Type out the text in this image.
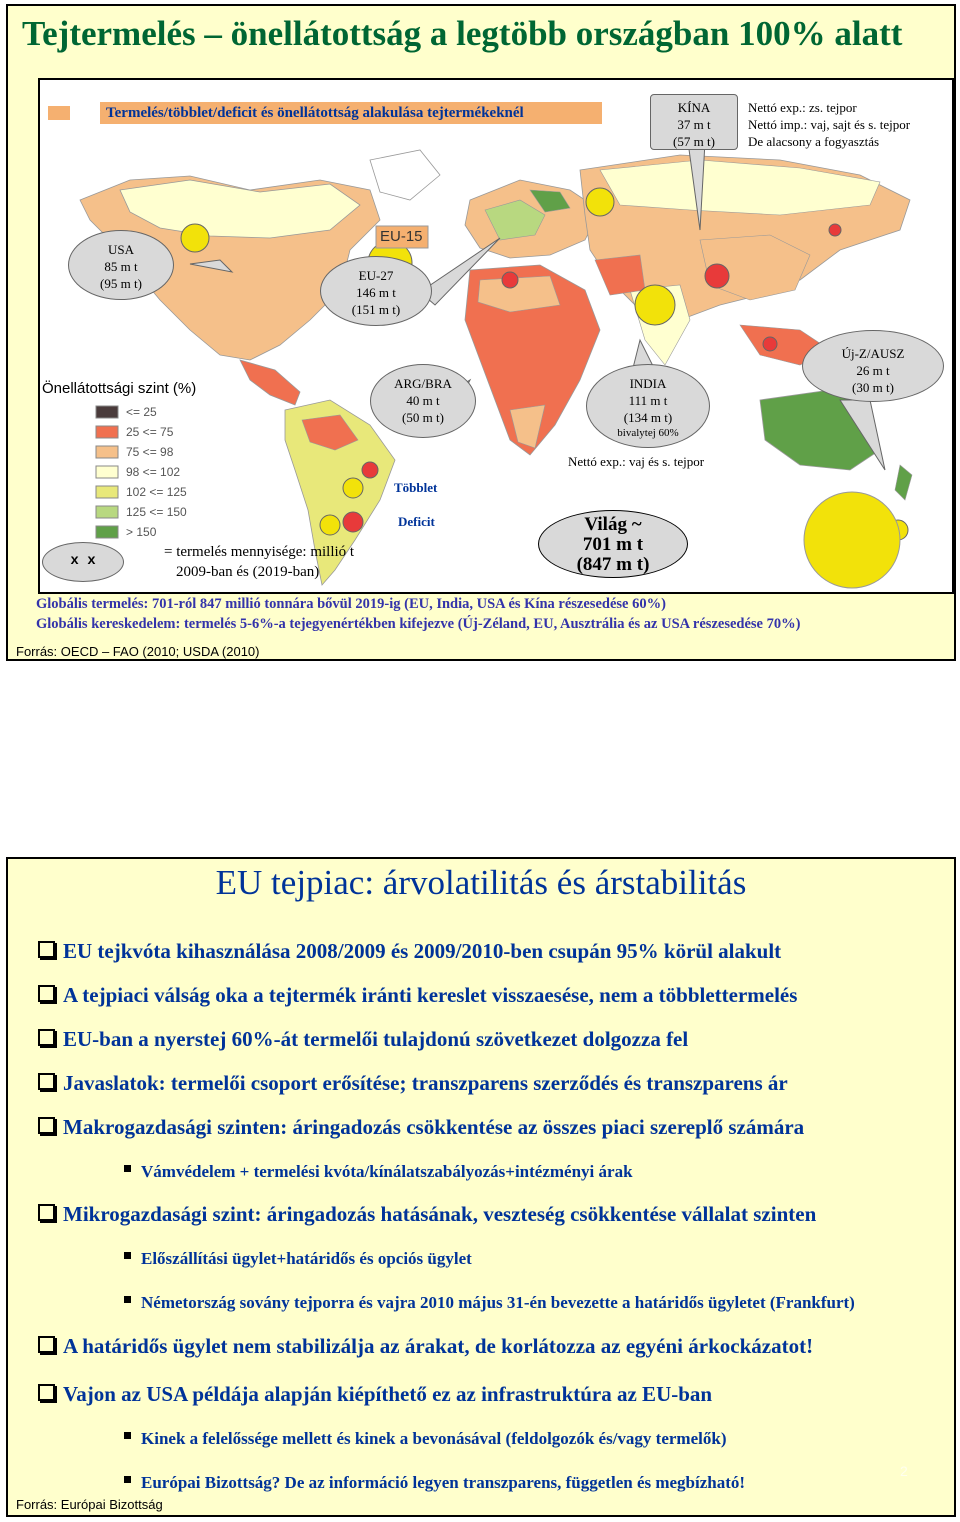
Tejtermelés – önellátottság a legtöbb országban 100% alatt
Termelés/többlet/deficit és önellátottság alakulása tejtermékeknél	KÍNA
37 m t
(57 m t)
Nettó exp.: zs. tejpor
Nettó imp.: vaj, sajt és s. tejpor
De alacsony a fogyasztás
EU-15
USA
85 m t
(95 m t)
EU-27
146 m t
(151 m t)
ARG/BRA
40 m t
(50 m t)
INDIA
111 m t
(134 m t)
bivalytej 60%
Nettó exp.: vaj és s. tejpor
Új-Z/AUSZ
26 m t
(30 m t)
Önellátottsági szint (%)
<= 25
25 <= 75
75 <= 98
98 <= 102
102 <= 125
125 <= 150
> 150
Többlet
Deficit
x x
= termelés mennyisége: millió t
2009-ban és (2019-ban)
Világ ~
701 m t
(847 m t)
Globális termelés: 701-ról 847 millió tonnára bővül 2019-ig (EU, India, USA és Kína részesedése 60%)
Globális kereskedelem: termelés 5-6%-a tejegyenértékben kifejezve (Új-Zéland, EU, Ausztrália és az USA részesedése 70%)
Forrás: OECD – FAO (2010; USDA (2010)
EU tejpiac: árvolatilitás és árstabilitás
EU tejkvóta kihasználása 2008/2009 és 2009/2010-ben csupán 95% körül alakult
A tejpiaci válság oka a tejtermék iránti kereslet visszaesése, nem a többlettermelés
EU-ban a nyerstej 60%-át termelői tulajdonú szövetkezet dolgozza fel
Javaslatok: termelői csoport erősítése; transzparens szerződés és transzparens ár
Makrogazdasági szinten: áringadozás csökkentése az összes piaci szereplő számára
Vámvédelem + termelési kvóta/kínálatszabályozás+intézményi árak
Mikrogazdasági szint: áringadozás hatásának, veszteség csökkentése vállalat szinten
Előszállítási ügylet+határidős és opciós ügylet
Németország sovány tejporra és vajra 2010 május 31-én bevezette a határidős ügyletet (Frankfurt)
A határidős ügylet nem stabilizálja az árakat, de korlátozza az egyéni árkockázatot!
Vajon az USA példája alapján kiépíthető ez az infrastruktúra az EU-ban
Kinek a felelőssége mellett és kinek a bevonásával (feldolgozók és/vagy termelők)
Európai Bizottság? De az információ legyen transzparens, független és megbízható!
Forrás: Európai Bizottság
2
